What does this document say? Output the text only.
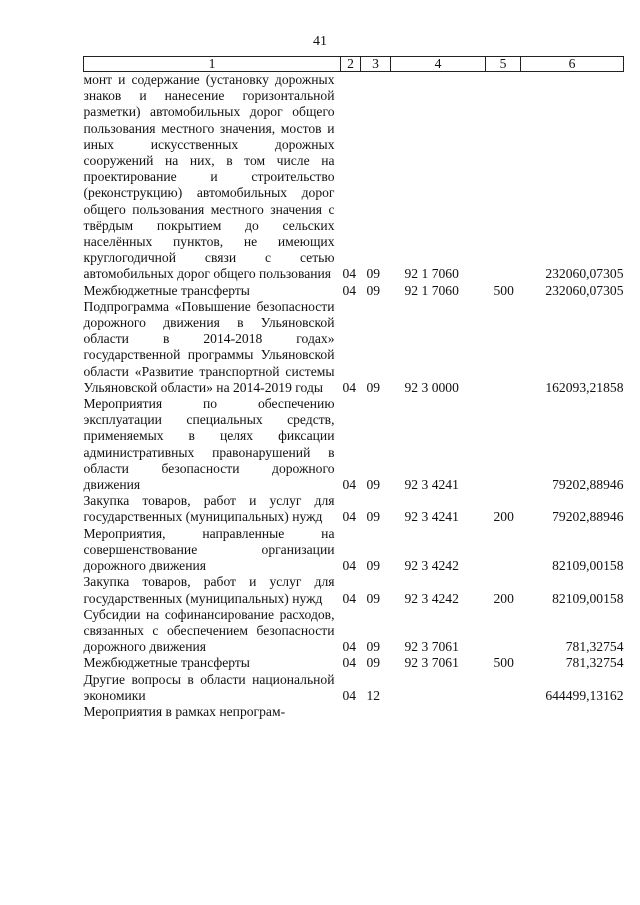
41
1	2	3	4	5	6
монт и содержание (установку дорожных знаков и нанесение горизонтальной разметки) автомобильных дорог общего пользования местного значения, мостов и иных искусственных дорожных сооружений на них, в том числе на проектирование и строительство (реконструкцию) автомобильных дорог общего пользования местного значения с твёрдым покрытием до сельских населённых пунктов, не имеющих круглогодичной связи с сетью автомобильных дорог общего пользования	04	09	92 1 7060		232060,07305
Межбюджетные трансферты	04	09	92 1 7060	500	232060,07305
Подпрограмма «Повышение безопасности дорожного движения в Ульяновской области в 2014-2018 годах» государственной программы Ульяновской области «Развитие транспортной системы Ульяновской области» на 2014-2019 годы	04	09	92 3 0000		162093,21858
Мероприятия по обеспечению эксплуатации специальных средств, применяемых в целях фиксации административных правонарушений в области безопасности дорожного движения	04	09	92 3 4241		79202,88946
Закупка товаров, работ и услуг для государственных (муниципальных) нужд	04	09	92 3 4241	200	79202,88946
Мероприятия, направленные на совершенствование организации дорожного движения	04	09	92 3 4242		82109,00158
Закупка товаров, работ и услуг для государственных (муниципальных) нужд	04	09	92 3 4242	200	82109,00158
Субсидии на софинансирование расходов, связанных с обеспечением безопасности дорожного движения	04	09	92 3 7061		781,32754
Межбюджетные трансферты	04	09	92 3 7061	500	781,32754
Другие вопросы в области национальной экономики	04	12			644499,13162
Мероприятия в рамках непрограм-					
